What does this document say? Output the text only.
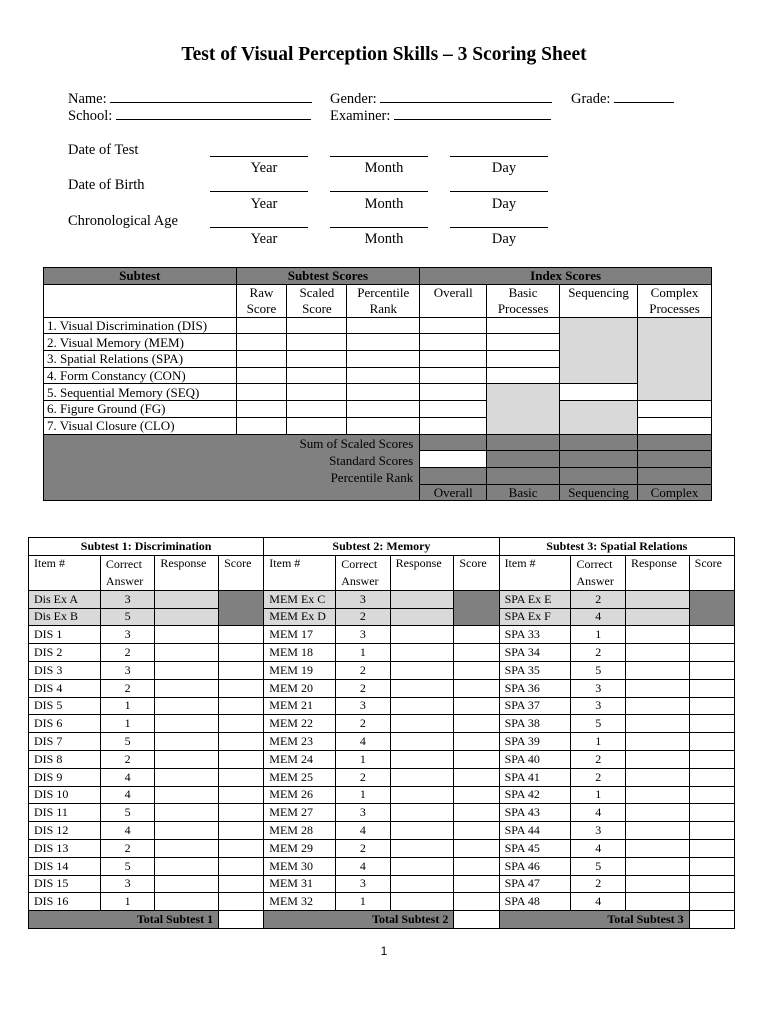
Test of Visual Perception Skills – 3 Scoring Sheet
Name:	Gender:	Grade:
School:	Examiner:
Date of Test
Year	Month	Day
Date of Birth
Year	Month	Day
Chronological Age
Year	Month	Day
Subtest	Subtest Scores			Index Scores			
	Raw Score	Scaled Score	Percentile Rank	Overall	Basic Processes	Sequencing	Complex Processes
1. Visual Discrimination (DIS)							
2. Visual Memory (MEM)							
3. Spatial Relations (SPA)							
4. Form Constancy (CON)							
5. Sequential Memory (SEQ)							
6. Figure Ground (FG)							
7. Visual Closure (CLO)							

Sum of Scaled Scores
Standard Scores
Percentile Rank							

				Overall	Basic	Sequencing	Complex
Subtest 1: Discrimination				Subtest 2: Memory				Subtest 3: Spatial Relations			
Item #	Correct Answer	Response	Score	Item #	Correct Answer	Response	Score	Item #	Correct Answer	Response	Score
Dis Ex A	3			MEM Ex C	3			SPA Ex E	2		
Dis Ex B	5			MEM Ex D	2			SPA Ex F	4		
DIS 1	3			MEM 17	3			SPA 33	1		
DIS 2	2			MEM 18	1			SPA 34	2		
DIS 3	3			MEM 19	2			SPA 35	5		
DIS 4	2			MEM 20	2			SPA 36	3		
DIS 5	1			MEM 21	3			SPA 37	3		
DIS 6	1			MEM 22	2			SPA 38	5		
DIS 7	5			MEM 23	4			SPA 39	1		
DIS 8	2			MEM 24	1			SPA 40	2		
DIS 9	4			MEM 25	2			SPA 41	2		
DIS 10	4			MEM 26	1			SPA 42	1		
DIS 11	5			MEM 27	3			SPA 43	4		
DIS 12	4			MEM 28	4			SPA 44	3		
DIS 13	2			MEM 29	2			SPA 45	4		
DIS 14	5			MEM 30	4			SPA 46	5		
DIS 15	3			MEM 31	3			SPA 47	2		
DIS 16	1			MEM 32	1			SPA 48	4		
Total Subtest 1				Total Subtest 2				Total Subtest 3			
1
